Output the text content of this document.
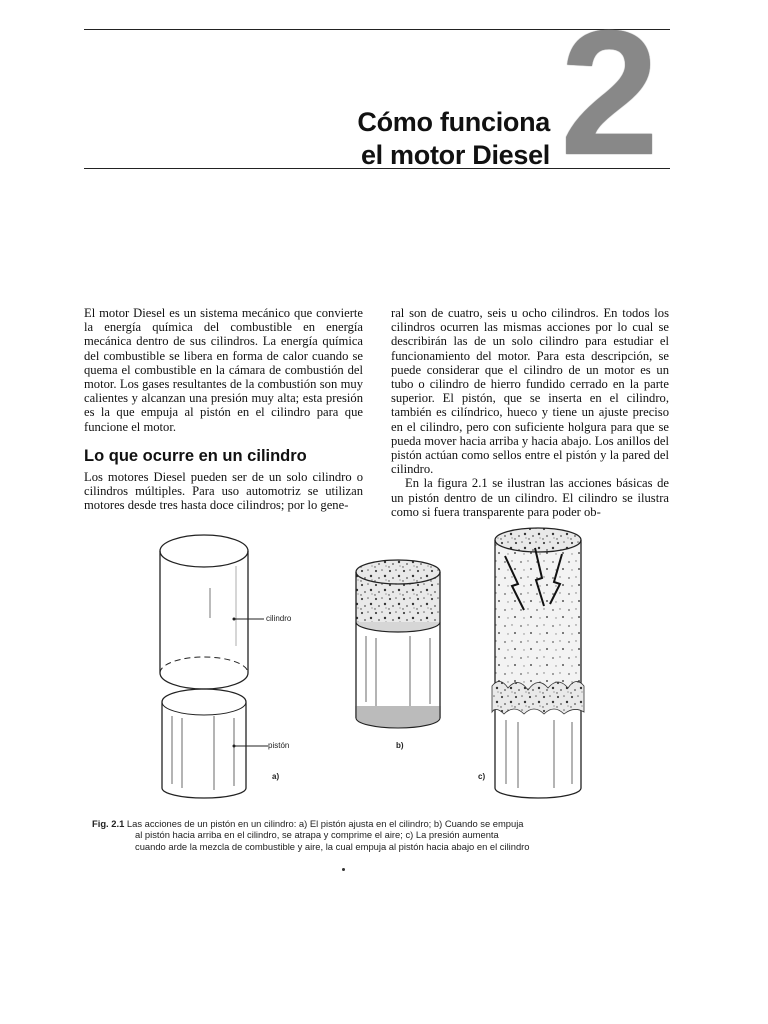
2
Cómo funciona
el motor Diesel

El motor Diesel es un sistema mecánico que convierte la energía química del combustible en energía mecánica dentro de sus cilindros. La energía química del combustible se libera en forma de calor cuando se quema el combustible en la cámara de combustión del motor. Los gases resultantes de la combustión son muy calientes y alcanzan una presión muy alta; esta presión es la que empuja al pistón en el cilindro para que funcione el motor.

Lo que ocurre en un cilindro

Los motores Diesel pueden ser de un solo cilindro o cilindros múltiples. Para uso automotriz se utilizan motores desde tres hasta doce cilindros; por lo gene-

ral son de cuatro, seis u ocho cilindros. En todos los cilindros ocurren las mismas acciones por lo cual se describirán las de un solo cilindro para estudiar el funcionamiento del motor. Para esta descripción, se puede considerar que el cilindro de un motor es un tubo o cilindro de hierro fundido cerrado en la parte superior. El pistón, que se inserta en el cilindro, también es cilíndrico, hueco y tiene un ajuste preciso en el cilindro, pero con suficiente holgura para que se pueda mover hacia arriba y hacia abajo. Los anillos del pistón actúan como sellos entre el pistón y la pared del cilindro.

En la figura 2.1 se ilustran las acciones básicas de un pistón dentro de un cilindro. El cilindro se ilustra como si fuera transparente para poder ob-

cilindro
pistón
a)
b)
c)
Fig. 2.1 Las acciones de un pistón en un cilindro: a) El pistón ajusta en el cilindro; b) Cuando se empuja
al pistón hacia arriba en el cilindro, se atrapa y comprime el aire; c) La presión aumenta
cuando arde la mezcla de combustible y aire, la cual empuja al pistón hacia abajo en el cilindro
